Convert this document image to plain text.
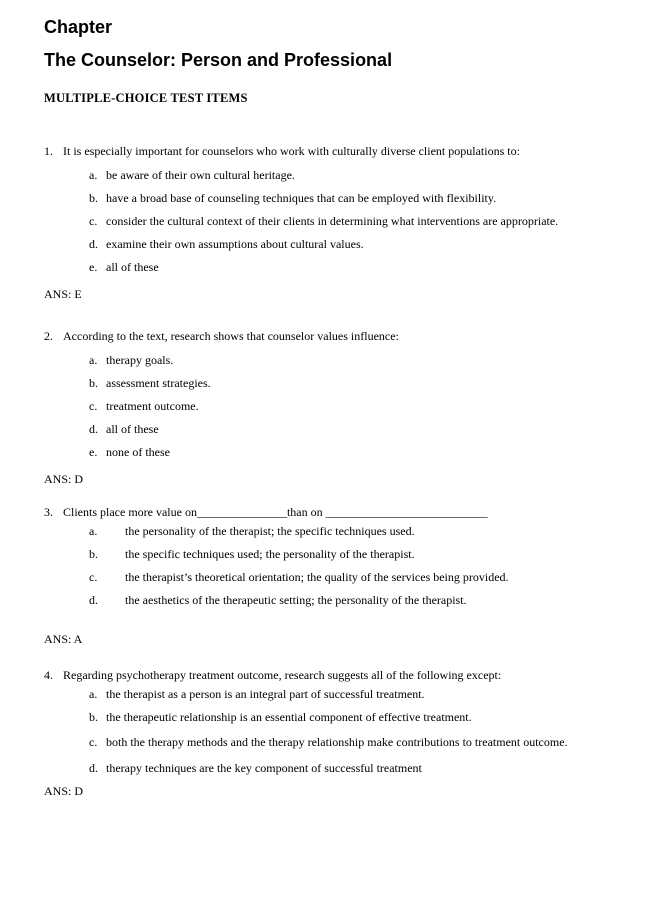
Chapter
The Counselor: Person and Professional
MULTIPLE-CHOICE TEST ITEMS
1. It is especially important for counselors who work with culturally diverse client populations to:
a. be aware of their own cultural heritage.
b. have a broad base of counseling techniques that can be employed with flexibility.
c. consider the cultural context of their clients in determining what interventions are appropriate.
d. examine their own assumptions about cultural values.
e. all of these
ANS: E
2. According to the text, research shows that counselor values influence:
a. therapy goals.
b. assessment strategies.
c. treatment outcome.
d. all of these
e. none of these
ANS: D
3. Clients place more value on_______________than on ___________________________
a.	the personality of the therapist; the specific techniques used.
b.	the specific techniques used; the personality of the therapist.
c.	the therapist’s theoretical orientation; the quality of the services being provided.
d.	the aesthetics of the therapeutic setting; the personality of the therapist.
ANS: A
4. Regarding psychotherapy treatment outcome, research suggests all of the following except:
a. the therapist as a person is an integral part of successful treatment.
b. the therapeutic relationship is an essential component of effective treatment.
c. both the therapy methods and the therapy relationship make contributions to treatment outcome.
d. therapy techniques are the key component of successful treatment
ANS: D
